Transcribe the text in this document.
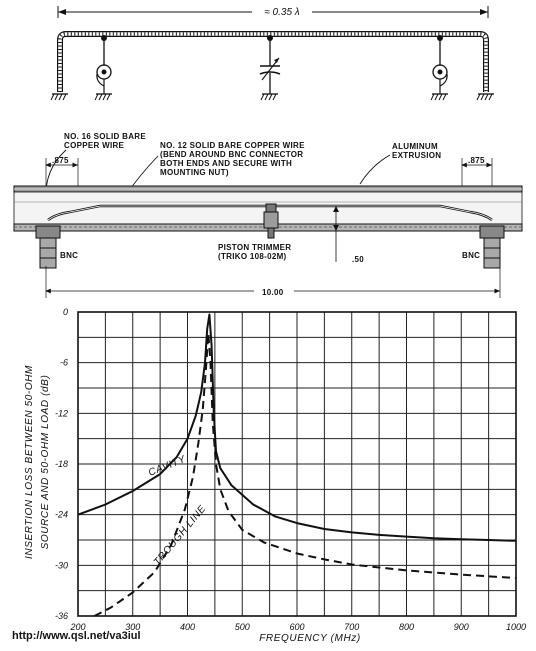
≈ 0.35 λ
NO. 16 SOLID BARE
COPPER WIRE	NO. 12 SOLID BARE COPPER WIRE
(BEND AROUND BNC CONNECTOR
BOTH ENDS AND SECURE WITH
MOUNTING NUT)
ALUMINUM
EXTRUSION
.875	.875
BNC	BNC
PISTON TRIMMER
(TRIKO 108-02M)	.50
10.00
200	300	400	500	600	700	800	900	1000
0
-6
-12
-18
-24
-30
-36
CAVITY
TROUGH LINE
INSERTION LOSS BETWEEN 50-OHM SOURCE AND 50-OHM LOAD (dB)
FREQUENCY (MHz)
http://www.qsl.net/va3iul
